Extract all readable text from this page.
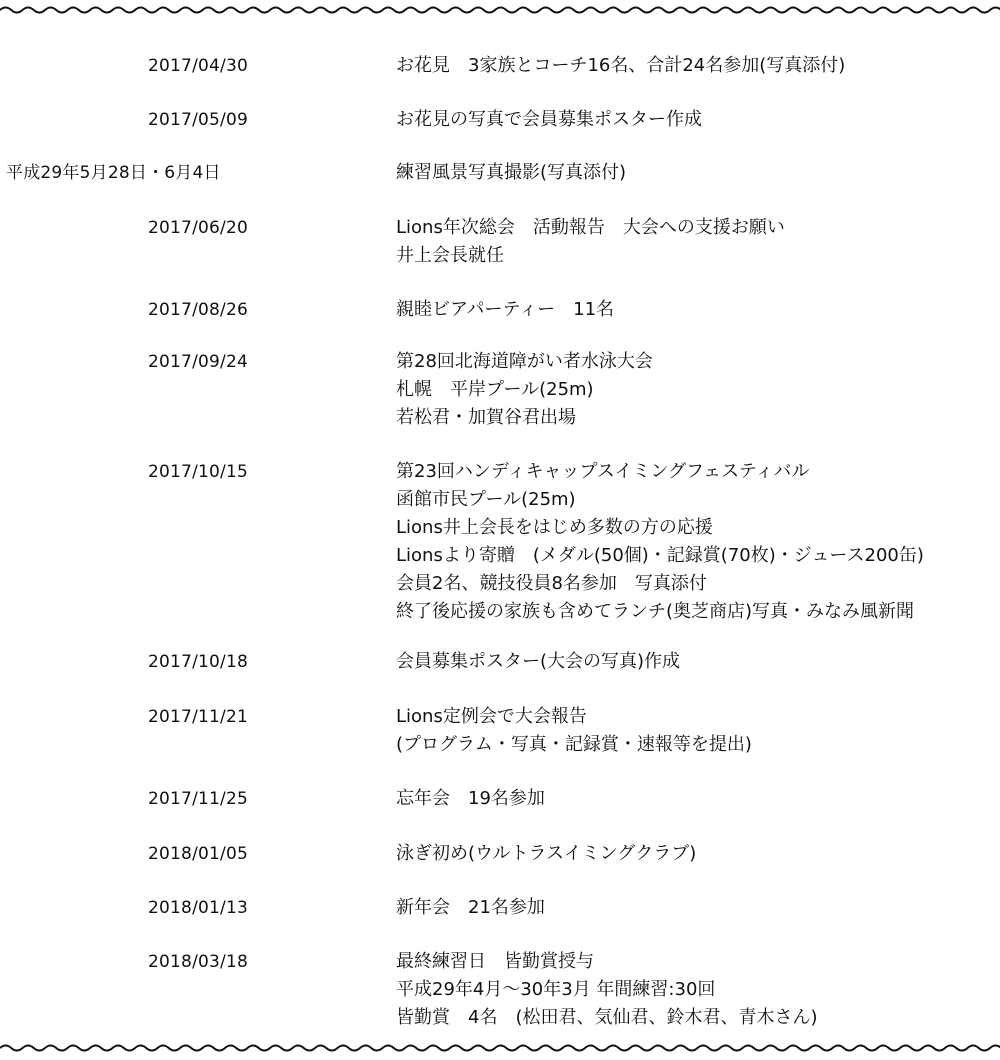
2017/04/30	お花見　3家族とコーチ16名、合計24名参加(写真添付)
2017/05/09	お花見の写真で会員募集ポスター作成
平成29年5月28日・6月4日	練習風景写真撮影(写真添付)
2017/06/20	Lions年次総会　活動報告　大会への支援お願い
井上会長就任
2017/08/26	親睦ビアパーティー　11名
2017/09/24	第28回北海道障がい者水泳大会
札幌　平岸プール(25m)
若松君・加賀谷君出場
2017/10/15	第23回ハンディキャップスイミングフェスティバル
函館市民プール(25m)
Lions井上会長をはじめ多数の方の応援
Lionsより寄贈　(メダル(50個)・記録賞(70枚)・ジュース200缶)
会員2名、競技役員8名参加　写真添付
終了後応援の家族も含めてランチ(奥芝商店)写真・みなみ風新聞
2017/10/18	会員募集ポスター(大会の写真)作成
2017/11/21	Lions定例会で大会報告
(プログラム・写真・記録賞・速報等を提出)
2017/11/25	忘年会　19名参加
2018/01/05	泳ぎ初め(ウルトラスイミングクラブ)
2018/01/13	新年会　21名参加
2018/03/18	最終練習日　皆勤賞授与
平成29年4月～30年3月 年間練習:30回
皆勤賞　4名　(松田君、気仙君、鈴木君、青木さん)
